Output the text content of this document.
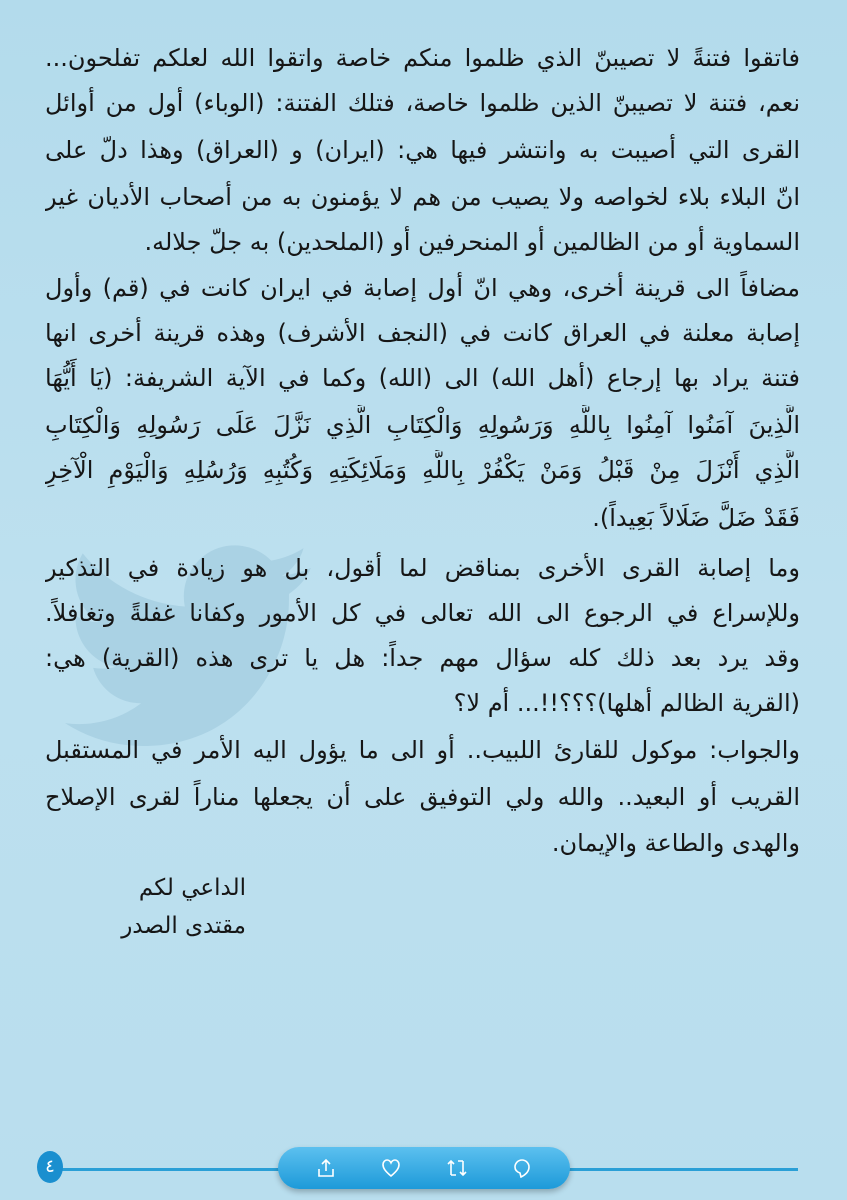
فاتقوا فتنةً لا تصيبنّ الذي ظلموا منكم خاصة واتقوا الله لعلكم تفلحون...
نعم، فتنة لا تصيبنّ الذين ظلموا خاصة، فتلك الفتنة: (الوباء) أول من أوائل
القرى التي أصيبت به وانتشر فيها هي: (ايران) و (العراق) وهذا دلّ على
انّ البلاء بلاء لخواصه ولا يصيب من هم لا يؤمنون به من أصحاب الأديان غير
السماوية أو من الظالمين أو المنحرفين أو (الملحدين) به جلّ جلاله.
مضافاً الى قرينة أخرى، وهي انّ أول إصابة في ايران كانت في (قم) وأول
إصابة معلنة في العراق كانت في (النجف الأشرف) وهذه قرينة أخرى انها
فتنة يراد بها إرجاع (أهل الله) الى (الله) وكما في الآية الشريفة: (يَا أَيُّهَا
الَّذِينَ آمَنُوا آمِنُوا بِاللَّهِ وَرَسُولِهِ وَالْكِتَابِ الَّذِي نَزَّلَ عَلَى رَسُولِهِ وَالْكِتَابِ
الَّذِي أَنْزَلَ مِنْ قَبْلُ وَمَنْ يَكْفُرْ بِاللَّهِ وَمَلَائِكَتِهِ وَكُتُبِهِ وَرُسُلِهِ وَالْيَوْمِ الْآخِرِ
فَقَدْ ضَلَّ ضَلَالاً بَعِيداً).
وما إصابة القرى الأخرى بمناقض لما أقول، بل هو زيادة في التذكير
وللإسراع في الرجوع الى الله تعالى في كل الأمور وكفانا غفلةً وتغافلاً.
وقد يرد بعد ذلك كله سؤال مهم جداً: هل يا ترى هذه (القرية) هي:
(القرية الظالم أهلها)؟؟؟!!... أم لا؟
والجواب: موكول للقارئ اللبيب.. أو الى ما يؤول اليه الأمر في المستقبل
القريب أو البعيد.. والله ولي التوفيق على أن يجعلها مناراً لقرى الإصلاح
والهدى والطاعة والإيمان.
الداعي لكم
مقتدى الصدر
٤
